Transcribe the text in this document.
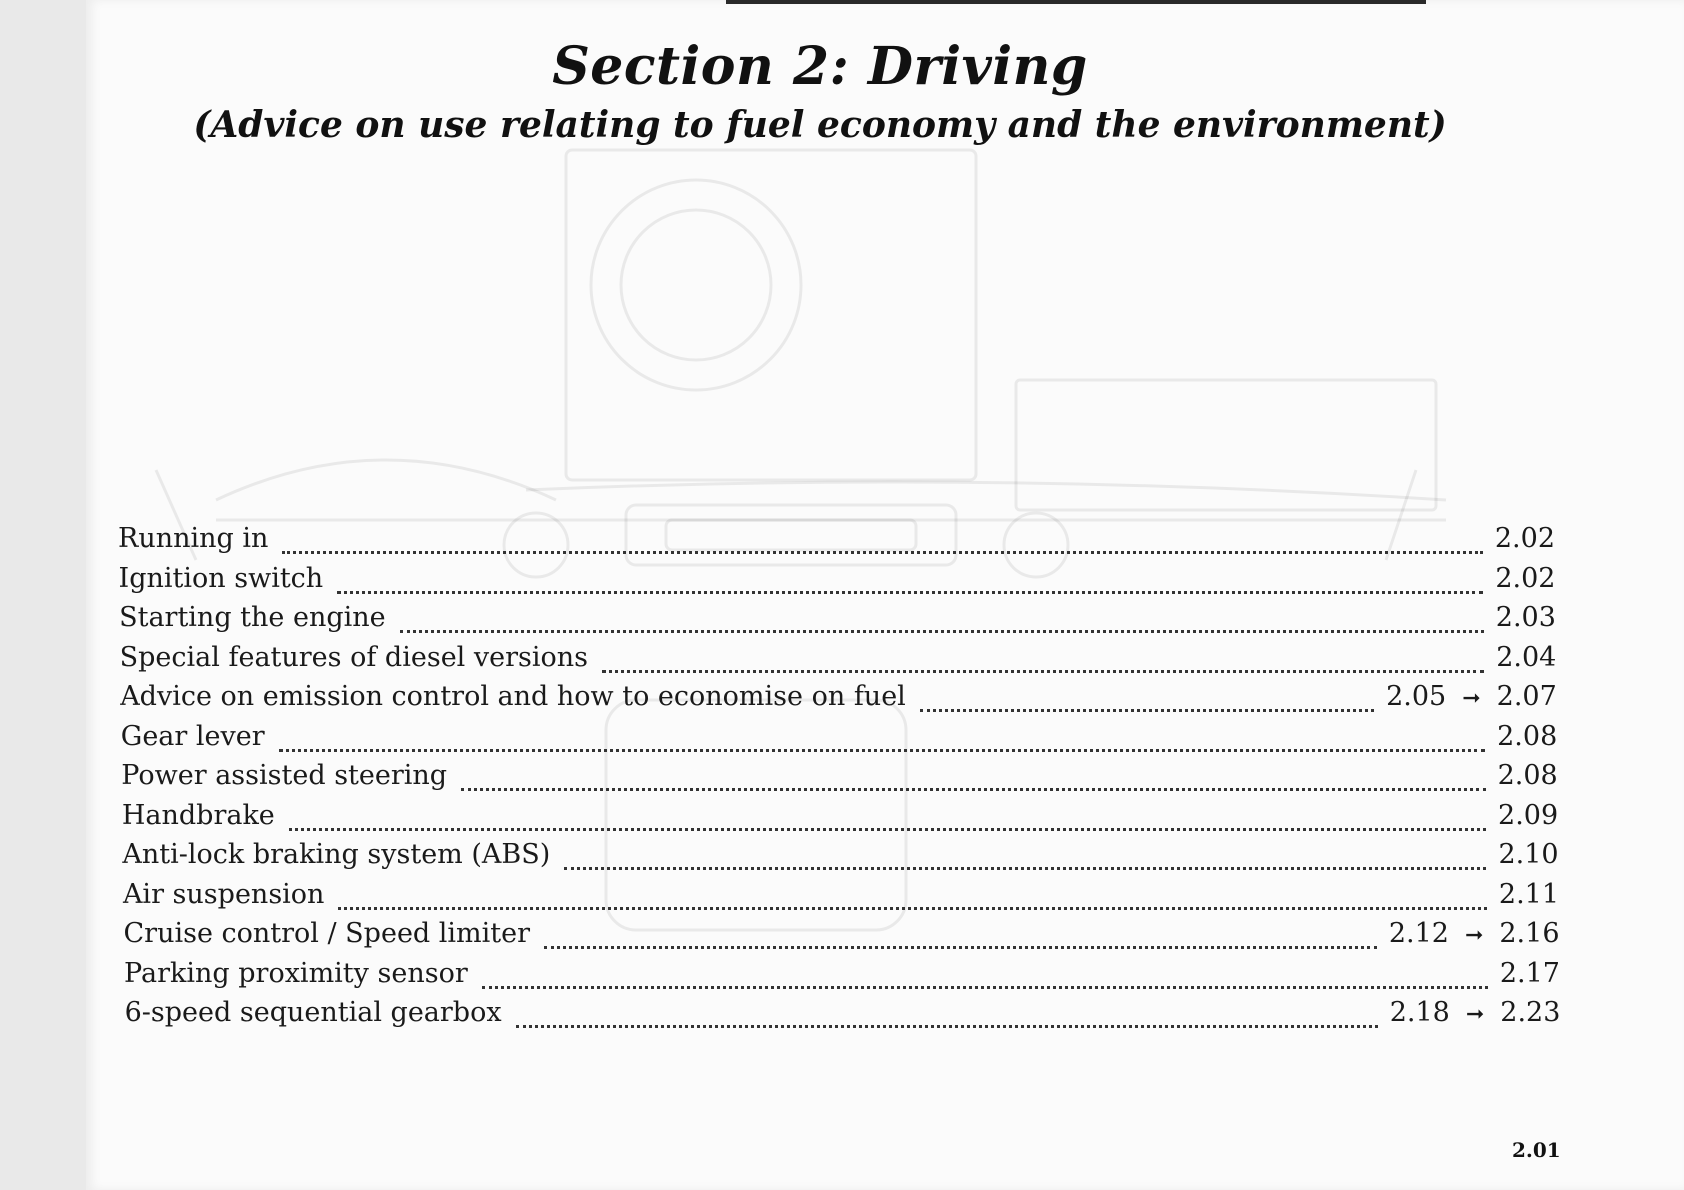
Section 2: Driving
(Advice on use relating to fuel economy and the environment)
Running in	2.02
Ignition switch	2.02
Starting the engine	2.03
Special features of diesel versions	2.04
Advice on emission control and how to economise on fuel	2.05 ➞ 2.07
Gear lever	2.08
Power assisted steering	2.08
Handbrake	2.09
Anti-lock braking system (ABS)	2.10
Air suspension	2.11
Cruise control / Speed limiter	2.12 ➞ 2.16
Parking proximity sensor	2.17
6-speed sequential gearbox	2.18 ➞ 2.23
2.01
